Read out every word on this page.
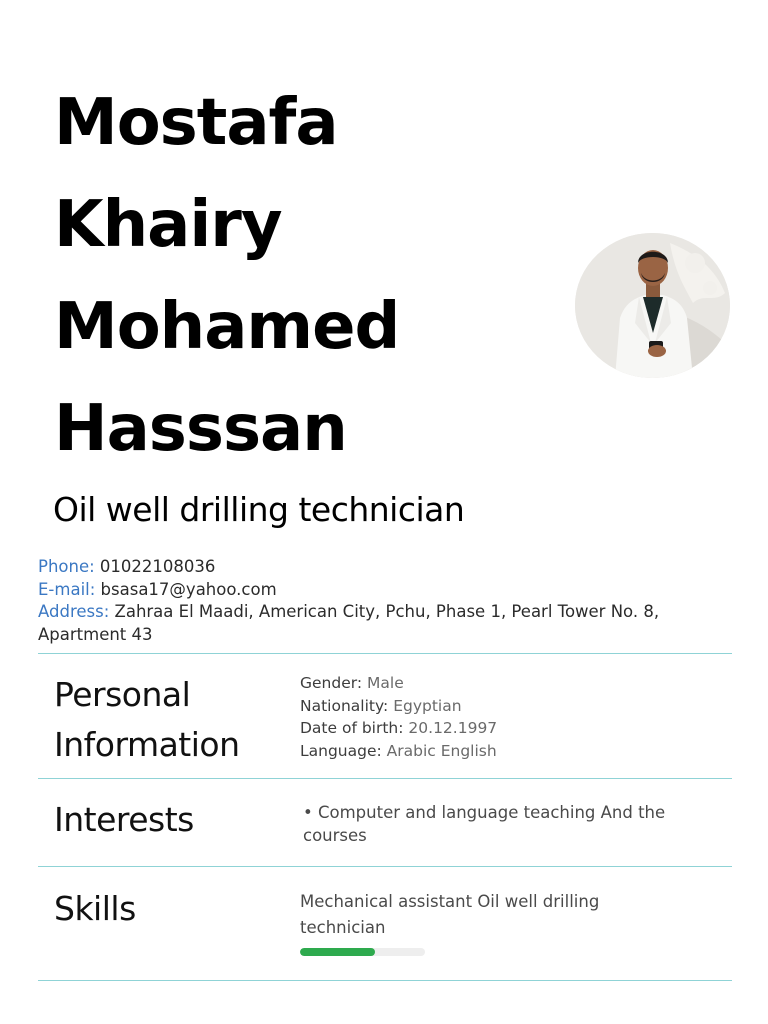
Mostafa
Khairy
Mohamed
Hasssan
Oil well drilling technician
Phone: 01022108036
E-mail: bsasa17@yahoo.com
Address: Zahraa El Maadi, American City, Pchu, Phase 1, Pearl Tower No. 8, Apartment 43
Personal
Information
Gender: Male
Nationality: Egyptian
Date of birth: 20.12.1997
Language: Arabic English
Interests	• Computer and language teaching And the courses
Skills	Mechanical assistant Oil well drilling technician
